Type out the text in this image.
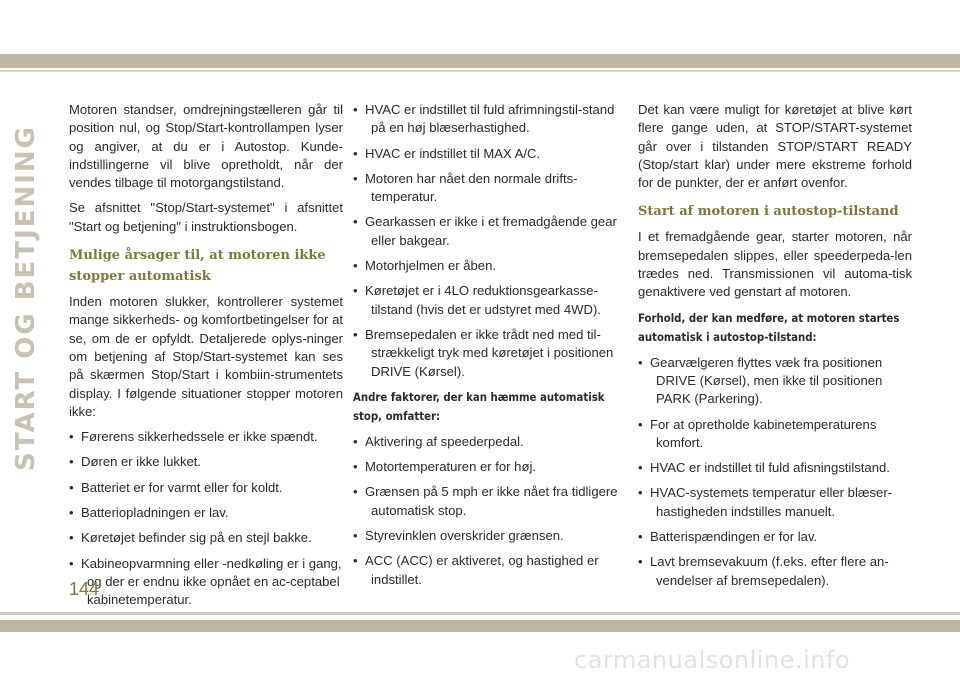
START OG BETJENING

Motoren standser, omdrejningstælleren går til position nul, og Stop/Start-kontrollampen lyser og angiver, at du er i Autostop. Kunde-indstillingerne vil blive opretholdt, når der vendes tilbage til motorgangstilstand.

Se afsnittet "Stop/Start-systemet" i afsnittet "Start og betjening" i instruktionsbogen.

Mulige årsager til, at motoren ikke stopper automatisk

Inden motoren slukker, kontrollerer systemet mange sikkerheds- og komfortbetingelser for at se, om de er opfyldt. Detaljerede oplys-ninger om betjening af Stop/Start-systemet kan ses på skærmen Stop/Start i kombiin-strumentets display. I følgende situationer stopper motoren ikke:

• Førerens sikkerhedssele er ikke spændt.
• Døren er ikke lukket.
• Batteriet er for varmt eller for koldt.
• Batteriopladningen er lav.
• Køretøjet befinder sig på en stejl bakke.
• Kabineopvarmning eller -nedkøling er i gang, og der er endnu ikke opnået en ac-ceptabel kabinetemperatur.
• HVAC er indstillet til fuld afrimningstil-stand på en høj blæserhastighed.
• HVAC er indstillet til MAX A/C.
• Motoren har nået den normale drifts-temperatur.
• Gearkassen er ikke i et fremadgående gear eller bakgear.
• Motorhjelmen er åben.
• Køretøjet er i 4LO reduktionsgearkasse-tilstand (hvis det er udstyret med 4WD).
• Bremsepedalen er ikke trådt ned med til-strækkeligt tryk med køretøjet i positionen DRIVE (Kørsel).
Andre faktorer, der kan hæmme automatisk stop, omfatter:
• Aktivering af speederpedal.
• Motortemperaturen er for høj.
• Grænsen på 5 mph er ikke nået fra tidligere automatisk stop.
• Styrevinklen overskrider grænsen.
• ACC (ACC) er aktiveret, og hastighed er indstillet.

Det kan være muligt for køretøjet at blive kørt flere gange uden, at STOP/START-systemet går over i tilstanden STOP/START READY (Stop/start klar) under mere ekstreme forhold for de punkter, der er anført ovenfor.

Start af motoren i autostop-tilstand

I et fremadgående gear, starter motoren, når bremsepedalen slippes, eller speederpeda-len trædes ned. Transmissionen vil automa-tisk genaktivere ved genstart af motoren.

Forhold, der kan medføre, at motoren startes automatisk i autostop-tilstand:
• Gearvælgeren flyttes væk fra positionen DRIVE (Kørsel), men ikke til positionen PARK (Parkering).
• For at opretholde kabinetemperaturens komfort.
• HVAC er indstillet til fuld afisningstilstand.
• HVAC-systemets temperatur eller blæser-hastigheden indstilles manuelt.
• Batterispændingen er for lav.
• Lavt bremsevakuum (f.eks. efter flere an-vendelser af bremsepedalen).
144
carmanualsonline.info
